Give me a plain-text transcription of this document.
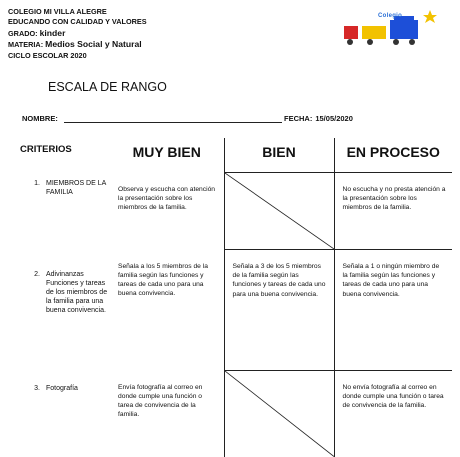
COLEGIO MI VILLA ALEGRE
EDUCANDO CON CALIDAD Y VALORES
GRADO: kinder
MATERIA: Medios Social y Natural
CICLO ESCOLAR 2020
Colegio
ESCALA DE RANGO
NOMBRE:	FECHA: 15/05/2020
CRITERIOS	MUY BIEN	BIEN	EN PROCESO

1. MIEMBROS DE LA FAMILIA	Observa y escucha con atención la presentación sobre los miembros de la familia.		No escucha y no presta atención a la presentación sobre los miembros de la familia.

2. Adivinanzas Funciones y tareas de los miembros de la familia para una buena convivencia.	Señala a los 5 miembros de la familia según las funciones y tareas de cada uno para una buena convivencia.	Señala a 3 de los 5 miembros de la familia según las funciones y tareas de cada uno para una buena convivencia.	Señala a 1 o ningún miembro de la familia según las funciones y tareas de cada uno para una buena convivencia.

3. Fotografía	Envía fotografía al correo en donde cumple una función o tarea de convivencia de la familia.		No envía fotografía al correo en donde cumple una función o tarea de convivencia de la familia.
